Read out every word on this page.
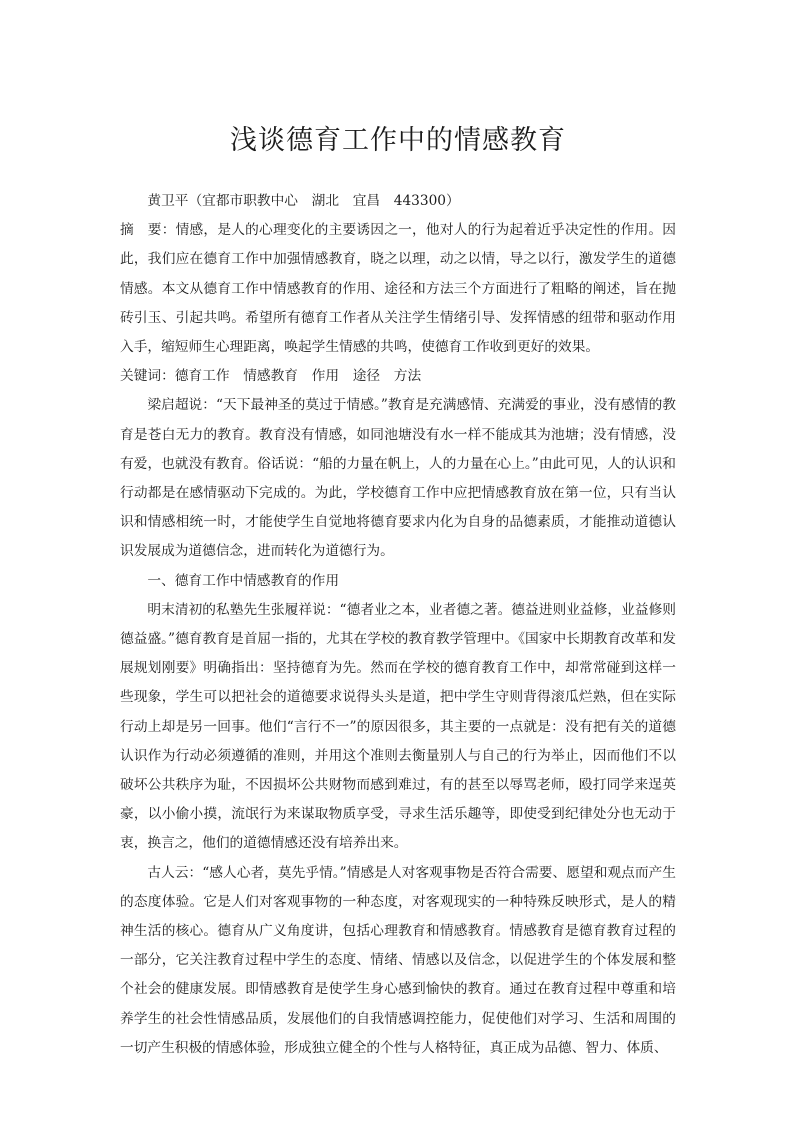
浅谈德育工作中的情感教育

黄卫平（宜都市职教中心　湖北　宜昌　443300）

摘　要：情感，是人的心理变化的主要诱因之一，他对人的行为起着近乎决定性的作用。因此，我们应在德育工作中加强情感教育，晓之以理，动之以情，导之以行，激发学生的道德情感。本文从德育工作中情感教育的作用、途径和方法三个方面进行了粗略的阐述，旨在抛砖引玉、引起共鸣。希望所有德育工作者从关注学生情绪引导、发挥情感的纽带和驱动作用入手，缩短师生心理距离，唤起学生情感的共鸣，使德育工作收到更好的效果。

关键词：德育工作　情感教育　作用　途径　方法

梁启超说：“天下最神圣的莫过于情感。”教育是充满感情、充满爱的事业，没有感情的教育是苍白无力的教育。教育没有情感，如同池塘没有水一样不能成其为池塘；没有情感，没有爱，也就没有教育。俗话说：“船的力量在帆上，人的力量在心上。”由此可见，人的认识和行动都是在感情驱动下完成的。为此，学校德育工作中应把情感教育放在第一位，只有当认识和情感相统一时，才能使学生自觉地将德育要求内化为自身的品德素质，才能推动道德认识发展成为道德信念，进而转化为道德行为。

一、德育工作中情感教育的作用

明末清初的私塾先生张履祥说：“德者业之本，业者德之著。德益进则业益修，业益修则德益盛。”德育教育是首屈一指的，尤其在学校的教育教学管理中。《国家中长期教育改革和发展规划刚要》明确指出：坚持德育为先。然而在学校的德育教育工作中，却常常碰到这样一些现象，学生可以把社会的道德要求说得头头是道，把中学生守则背得滚瓜烂熟，但在实际行动上却是另一回事。他们“言行不一”的原因很多，其主要的一点就是：没有把有关的道德认识作为行动必须遵循的准则，并用这个准则去衡量别人与自己的行为举止，因而他们不以破坏公共秩序为耻，不因损坏公共财物而感到难过，有的甚至以辱骂老师，殴打同学来逞英豪，以小偷小摸，流氓行为来谋取物质享受，寻求生活乐趣等，即使受到纪律处分也无动于衷，换言之，他们的道德情感还没有培养出来。

古人云：“感人心者，莫先乎情。”情感是人对客观事物是否符合需要、愿望和观点而产生的态度体验。它是人们对客观事物的一种态度，对客观现实的一种特殊反映形式，是人的精神生活的核心。德育从广义角度讲，包括心理教育和情感教育。情感教育是德育教育过程的一部分，它关注教育过程中学生的态度、情绪、情感以及信念，以促进学生的个体发展和整个社会的健康发展。即情感教育是使学生身心感到愉快的教育。通过在教育过程中尊重和培养学生的社会性情感品质，发展他们的自我情感调控能力，促使他们对学习、生活和周围的一切产生积极的情感体验，形成独立健全的个性与人格特征，真正成为品德、智力、体质、
